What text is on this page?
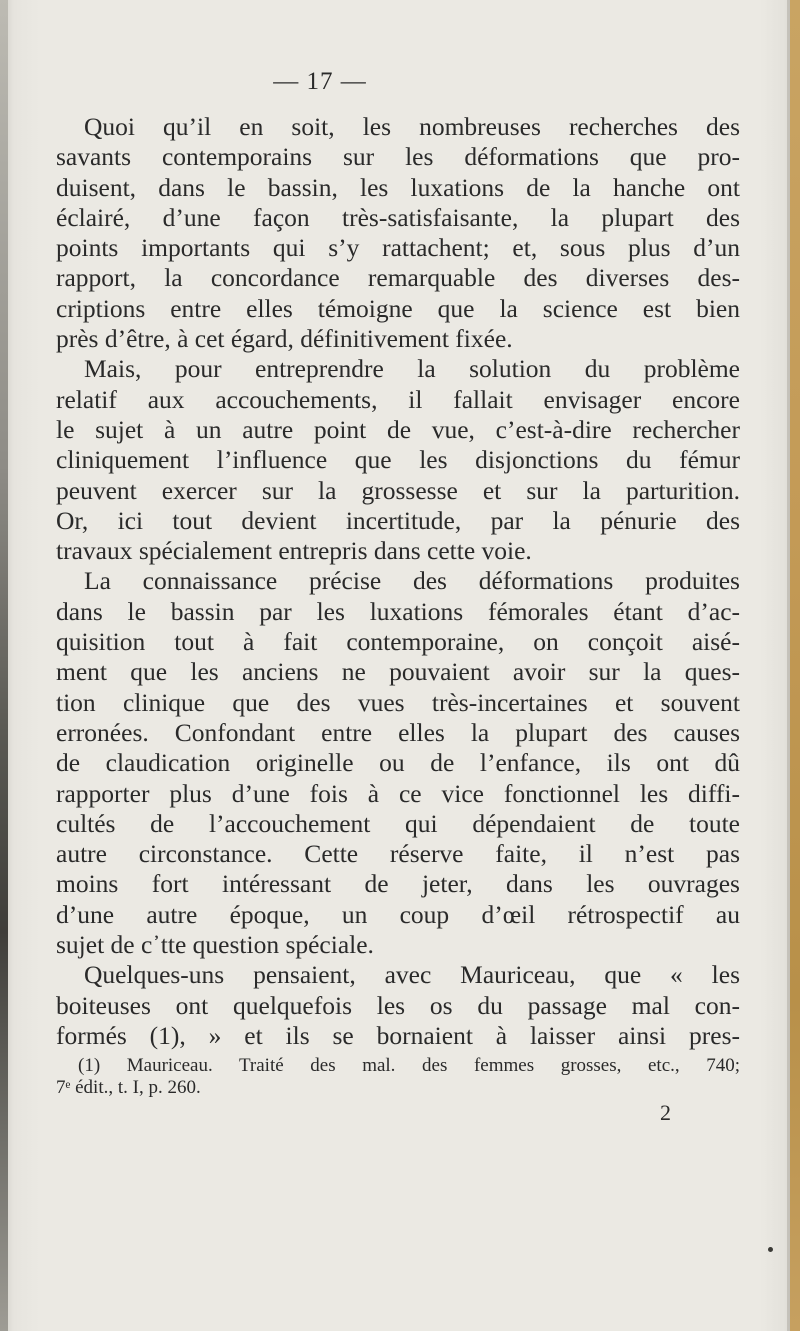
— 17 —
Quoi qu’il en soit, les nombreuses recherches des
savants contemporains sur les déformations que pro-
duisent, dans le bassin, les luxations de la hanche ont
éclairé, d’une façon très-satisfaisante, la plupart des
points importants qui s’y rattachent; et, sous plus d’un
rapport, la concordance remarquable des diverses des-
criptions entre elles témoigne que la science est bien
près d’être, à cet égard, définitivement fixée.
Mais, pour entreprendre la solution du problème
relatif aux accouchements, il fallait envisager encore
le sujet à un autre point de vue, c’est-à-dire rechercher
cliniquement l’influence que les disjonctions du fémur
peuvent exercer sur la grossesse et sur la parturition.
Or, ici tout devient incertitude, par la pénurie des
travaux spécialement entrepris dans cette voie.
La connaissance précise des déformations produites
dans le bassin par les luxations fémorales étant d’ac-
quisition tout à fait contemporaine, on conçoit aisé-
ment que les anciens ne pouvaient avoir sur la ques-
tion clinique que des vues très-incertaines et souvent
erronées. Confondant entre elles la plupart des causes
de claudication originelle ou de l’enfance, ils ont dû
rapporter plus d’une fois à ce vice fonctionnel les diffi-
cultés de l’accouchement qui dépendaient de toute
autre circonstance. Cette réserve faite, il n’est pas
moins fort intéressant de jeter, dans les ouvrages
d’une autre époque, un coup d’œil rétrospectif au
sujet de c᾽tte question spéciale.
Quelques-uns pensaient, avec Mauriceau, que « les
boiteuses ont quelquefois les os du passage mal con-
formés (1), » et ils se bornaient à laisser ainsi pres-
(1) Mauriceau. Traité des mal. des femmes grosses, etc., 740;
7ᵉ édit., t. I, p. 260.
2
